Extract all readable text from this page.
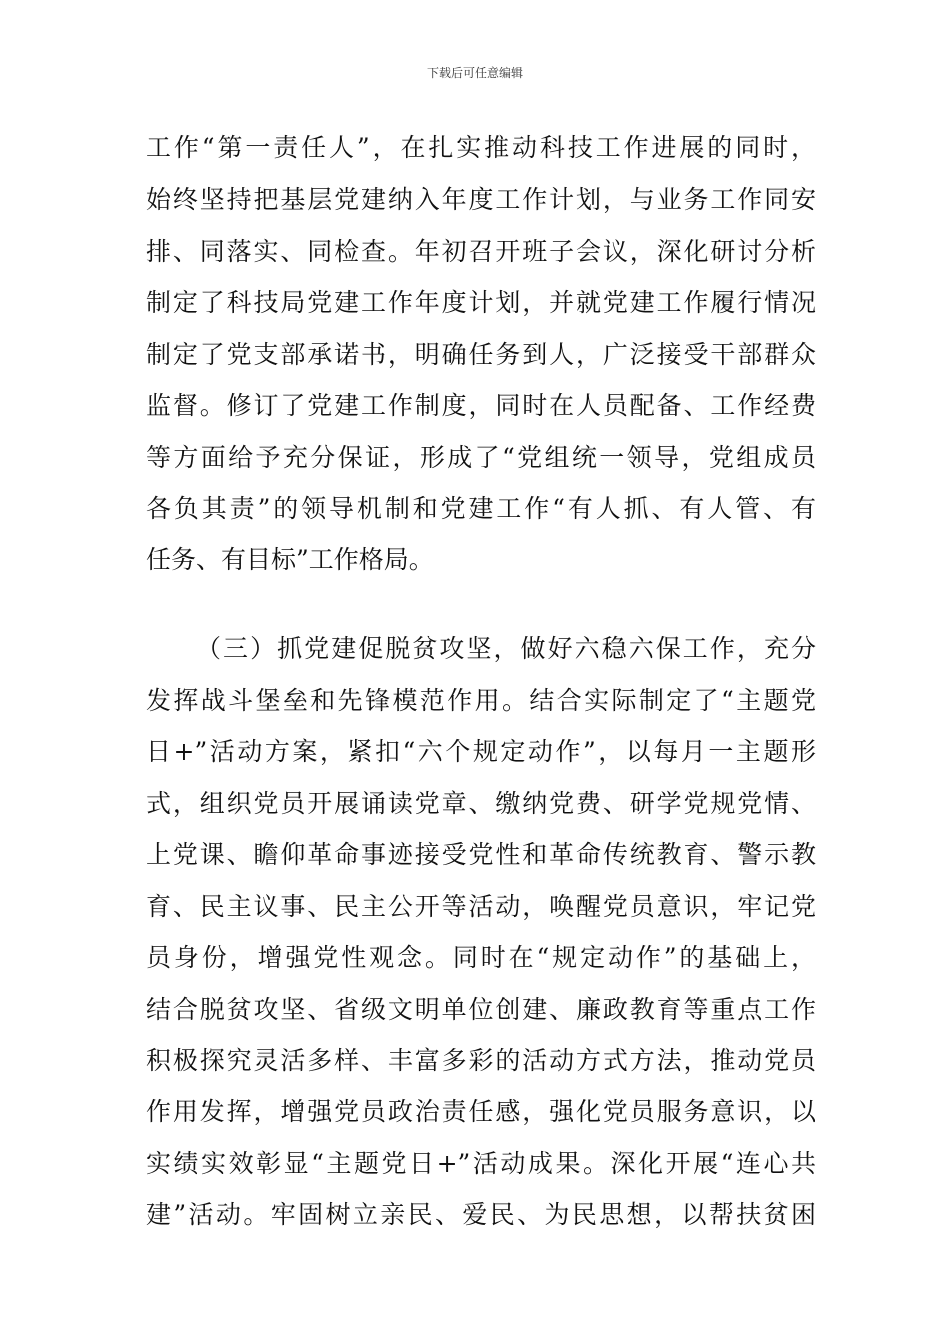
下载后可任意编辑
工作“第一责任人”，在扎实推动科技工作进展的同时，
始终坚持把基层党建纳入年度工作计划，与业务工作同安
排、同落实、同检查。年初召开班子会议，深化研讨分析
制定了科技局党建工作年度计划，并就党建工作履行情况
制定了党支部承诺书，明确任务到人，广泛接受干部群众
监督。修订了党建工作制度，同时在人员配备、工作经费
等方面给予充分保证，形成了“党组统一领导，党组成员
各负其责”的领导机制和党建工作“有人抓、有人管、有
任务、有目标”工作格局。
（三）抓党建促脱贫攻坚，做好六稳六保工作，充分
发挥战斗堡垒和先锋模范作用。结合实际制定了“主题党
日+”活动方案，紧扣“六个规定动作”，以每月一主题形
式，组织党员开展诵读党章、缴纳党费、研学党规党情、
上党课、瞻仰革命事迹接受党性和革命传统教育、警示教
育、民主议事、民主公开等活动，唤醒党员意识，牢记党
员身份，增强党性观念。同时在“规定动作”的基础上，
结合脱贫攻坚、省级文明单位创建、廉政教育等重点工作
积极探究灵活多样、丰富多彩的活动方式方法，推动党员
作用发挥，增强党员政治责任感，强化党员服务意识，以
实绩实效彰显“主题党日+”活动成果。深化开展“连心共
建”活动。牢固树立亲民、爱民、为民思想，以帮扶贫困
